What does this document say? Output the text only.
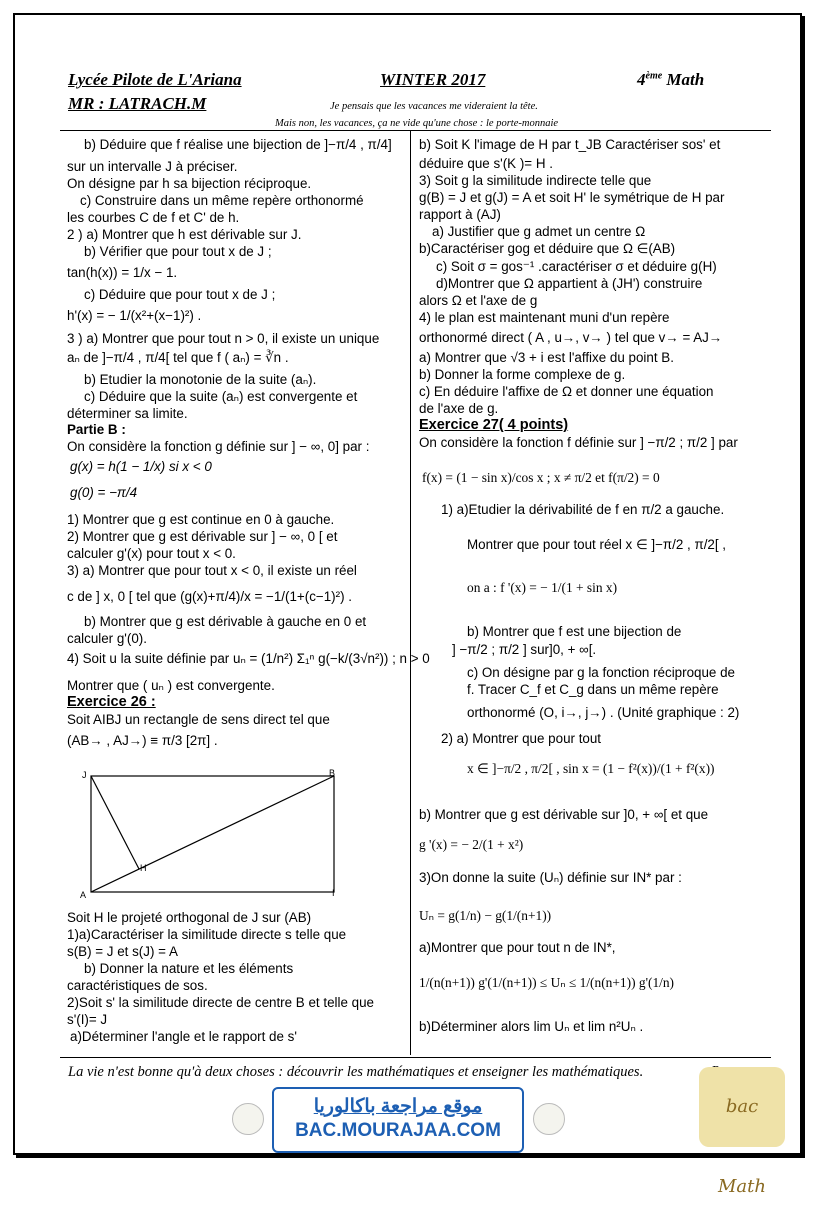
Lycée Pilote de L'Ariana	WINTER 2017	4ème Math
MR : LATRACH.M	Je pensais que les vacances me videraient la tête.
Mais non, les vacances, ça ne vide qu'une chose : le porte-monnaie
b) Déduire que f réalise une bijection de ]−π/4 , π/4]
sur un intervalle J à préciser.
On désigne par h sa bijection réciproque.
c) Construire dans un même repère orthonormé
les courbes C de f et C' de h.
2 ) a) Montrer que h est dérivable sur J.
b) Vérifier que pour tout x de J ;
tan(h(x)) = 1/x − 1.
c) Déduire que pour tout x de J ;
h'(x) = − 1/(x²+(x−1)²) .
3 ) a) Montrer que pour tout n > 0, il existe un unique
aₙ de ]−π/4 , π/4[ tel que f ( aₙ) = ∛n .
b) Etudier la monotonie de la suite (aₙ).
c) Déduire que la suite (aₙ) est convergente et
déterminer sa limite.
Partie B :
On considère la fonction g définie sur ] − ∞, 0] par :
g(x) = h(1 − 1/x) si x < 0
g(0) = −π/4
1) Montrer que g est continue en 0 à gauche.
2) Montrer que g est dérivable sur ] − ∞, 0 [ et
calculer g'(x) pour tout x < 0.
3) a) Montrer que pour tout x < 0, il existe un réel
c de ] x, 0 [ tel que (g(x)+π/4)/x = −1/(1+(c−1)²) .
b) Montrer que g est dérivable à gauche en 0 et
calculer g'(0).
4) Soit u la suite définie par uₙ = (1/n²) Σ₁ⁿ g(−k/(3√n²)) ; n > 0
Montrer que ( uₙ ) est convergente.
Exercice 26 :
Soit AIBJ un rectangle de sens direct tel que
(AB→ , AJ→) ≡ π/3 [2π] .
J	B
H
A	I
Soit H le projeté orthogonal de J sur (AB)
1)a)Caractériser la similitude directe s telle que
s(B) = J et s(J) = A
b) Donner la nature et les éléments
caractéristiques de sos.
2)Soit s' la similitude directe de centre B et telle que
s'(I)= J
a)Déterminer l'angle et le rapport de s'
b) Soit K l'image de H par t_JB Caractériser sos' et
déduire que s'(K )= H .
3) Soit g la similitude indirecte telle que
g(B) = J et g(J) = A et soit H' le symétrique de H par
rapport à (AJ)
a) Justifier que g admet un centre Ω
b)Caractériser gog et déduire que Ω ∈(AB)
c) Soit σ = gos⁻¹ .caractériser σ et déduire g(H)
d)Montrer que Ω appartient à (JH') construire
alors Ω et l'axe de g
4) le plan est maintenant muni d'un repère
orthonormé direct ( A , u→, v→ ) tel que v→ = AJ→
a) Montrer que √3 + i est l'affixe du point B.
b) Donner la forme complexe de g.
c) En déduire l'affixe de Ω et donner une équation
de l'axe de g.
Exercice 27( 4 points)
On considère la fonction f définie sur ] −π/2 ; π/2 ] par
f(x) = (1 − sin x)/cos x ; x ≠ π/2 et f(π/2) = 0
1) a)Etudier la dérivabilité de f en π/2 a gauche.
Montrer que pour tout réel x ∈ ]−π/2 , π/2[ ,
on a : f '(x) = − 1/(1 + sin x)
b) Montrer que f est une bijection de
] −π/2 ; π/2 ] sur]0, + ∞[.
c) On désigne par g la fonction réciproque de
f. Tracer C_f et C_g dans un même repère
orthonormé (O, i→, j→) . (Unité graphique : 2)
2) a) Montrer que pour tout
x ∈ ]−π/2 , π/2[ , sin x = (1 − f²(x))/(1 + f²(x))
b) Montrer que g est dérivable sur ]0, + ∞[ et que
g '(x) = − 2/(1 + x²)
3)On donne la suite (Uₙ) définie sur IN* par :
Uₙ = g(1/n) − g(1/(n+1))
a)Montrer que pour tout n de IN*,
1/(n(n+1)) g'(1/(n+1)) ≤ Uₙ ≤ 1/(n(n+1)) g'(1/n)
b)Déterminer alors lim Uₙ et lim n²Uₙ .
La vie n'est bonne qu'à deux choses : découvrir les mathématiques et enseigner les mathématiques.
موقع مراجعة باكالوريا
BAC.MOURAJAA.COM
bac Math
